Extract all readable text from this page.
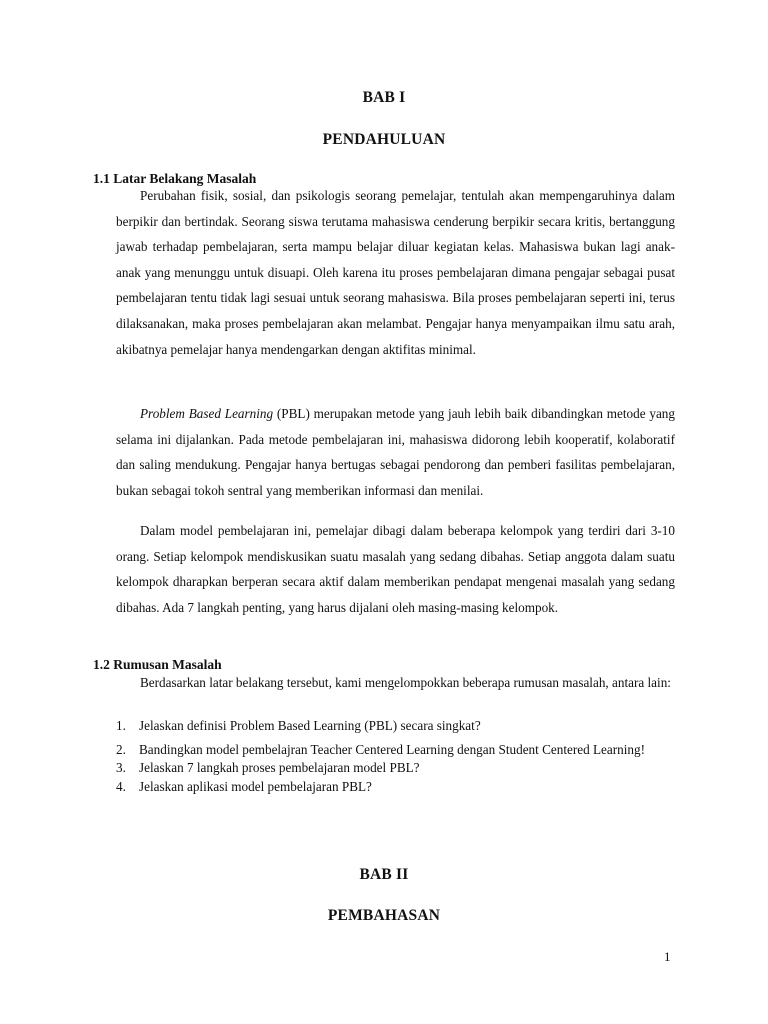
BAB I
PENDAHULUAN
1.1 Latar Belakang Masalah

Perubahan fisik, sosial, dan psikologis seorang pemelajar, tentulah akan mempengaruhinya dalam berpikir dan bertindak. Seorang siswa terutama mahasiswa cenderung berpikir secara kritis, bertanggung jawab terhadap pembelajaran, serta mampu belajar diluar kegiatan kelas. Mahasiswa bukan lagi anak-anak yang menunggu untuk disuapi. Oleh karena itu proses pembelajaran dimana pengajar sebagai pusat pembelajaran tentu tidak lagi sesuai untuk seorang mahasiswa. Bila proses pembelajaran seperti ini, terus dilaksanakan, maka proses pembelajaran akan melambat. Pengajar hanya menyampaikan ilmu satu arah, akibatnya pemelajar hanya mendengarkan dengan aktifitas minimal.

Problem Based Learning (PBL) merupakan metode yang jauh lebih baik dibandingkan metode yang selama ini dijalankan. Pada metode pembelajaran ini, mahasiswa didorong lebih kooperatif, kolaboratif dan saling mendukung. Pengajar hanya bertugas sebagai pendorong dan pemberi fasilitas pembelajaran, bukan sebagai tokoh sentral yang memberikan informasi dan menilai.

Dalam model pembelajaran ini, pemelajar dibagi dalam beberapa kelompok yang terdiri dari 3-10 orang. Setiap kelompok mendiskusikan suatu masalah yang sedang dibahas. Setiap anggota dalam suatu kelompok dharapkan berperan secara aktif dalam memberikan pendapat mengenai masalah yang sedang dibahas. Ada 7 langkah penting, yang harus dijalani oleh masing-masing kelompok.

1.2 Rumusan Masalah

Berdasarkan latar belakang tersebut, kami mengelompokkan beberapa rumusan masalah, antara lain:

1. Jelaskan definisi Problem Based Learning (PBL) secara singkat?
2. Bandingkan model pembelajran Teacher Centered Learning dengan Student Centered Learning!
3. Jelaskan 7 langkah proses pembelajaran model PBL?
4. Jelaskan aplikasi model pembelajaran PBL?
BAB II
PEMBAHASAN
1
